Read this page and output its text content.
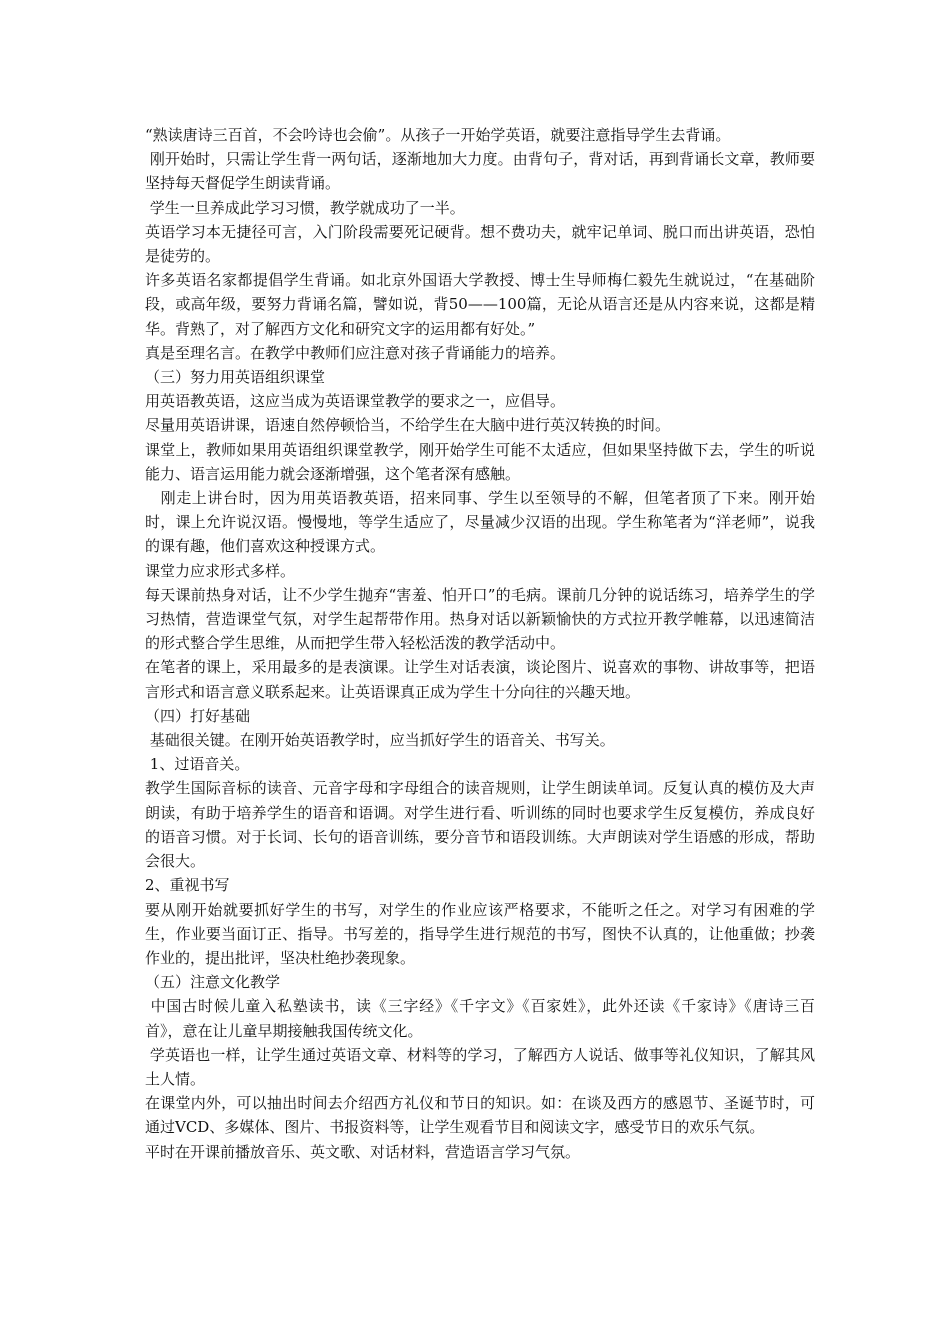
“熟读唐诗三百首，不会吟诗也会偷”。从孩子一开始学英语，就要注意指导学生去背诵。

刚开始时，只需让学生背一两句话，逐渐地加大力度。由背句子，背对话，再到背诵长文章，教师要坚持每天督促学生朗读背诵。

学生一旦养成此学习习惯，教学就成功了一半。

英语学习本无捷径可言，入门阶段需要死记硬背。想不费功夫，就牢记单词、脱口而出讲英语，恐怕是徒劳的。

许多英语名家都提倡学生背诵。如北京外国语大学教授、博士生导师梅仁毅先生就说过，“在基础阶段，或高年级，要努力背诵名篇，譬如说，背50——100篇，无论从语言还是从内容来说，这都是精华。背熟了，对了解西方文化和研究文字的运用都有好处。”

真是至理名言。在教学中教师们应注意对孩子背诵能力的培养。

（三）努力用英语组织课堂

用英语教英语，这应当成为英语课堂教学的要求之一，应倡导。

尽量用英语讲课，语速自然停顿恰当，不给学生在大脑中进行英汉转换的时间。

课堂上，教师如果用英语组织课堂教学，刚开始学生可能不太适应，但如果坚持做下去，学生的听说能力、语言运用能力就会逐渐增强，这个笔者深有感触。

　刚走上讲台时，因为用英语教英语，招来同事、学生以至领导的不解，但笔者顶了下来。刚开始时，课上允许说汉语。慢慢地，等学生适应了，尽量减少汉语的出现。学生称笔者为“洋老师”，说我的课有趣，他们喜欢这种授课方式。

课堂力应求形式多样。

每天课前热身对话，让不少学生抛弃“害羞、怕开口”的毛病。课前几分钟的说话练习，培养学生的学习热情，营造课堂气氛，对学生起帮带作用。热身对话以新颖愉快的方式拉开教学帷幕，以迅速简洁的形式整合学生思维，从而把学生带入轻松活泼的教学活动中。

在笔者的课上，采用最多的是表演课。让学生对话表演，谈论图片、说喜欢的事物、讲故事等，把语言形式和语言意义联系起来。让英语课真正成为学生十分向往的兴趣天地。

（四）打好基础

基础很关键。在刚开始英语教学时，应当抓好学生的语音关、书写关。

1、过语音关。

教学生国际音标的读音、元音字母和字母组合的读音规则，让学生朗读单词。反复认真的模仿及大声朗读，有助于培养学生的语音和语调。对学生进行看、听训练的同时也要求学生反复模仿，养成良好的语音习惯。对于长词、长句的语音训练，要分音节和语段训练。大声朗读对学生语感的形成，帮助会很大。

2、重视书写

要从刚开始就要抓好学生的书写，对学生的作业应该严格要求，不能听之任之。对学习有困难的学生，作业要当面订正、指导。书写差的，指导学生进行规范的书写，图快不认真的，让他重做；抄袭作业的，提出批评，坚决杜绝抄袭现象。

（五）注意文化教学

中国古时候儿童入私塾读书，读《三字经》《千字文》《百家姓》，此外还读《千家诗》《唐诗三百首》，意在让儿童早期接触我国传统文化。

学英语也一样，让学生通过英语文章、材料等的学习，了解西方人说话、做事等礼仪知识，了解其风土人情。

在课堂内外，可以抽出时间去介绍西方礼仪和节日的知识。如：在谈及西方的感恩节、圣诞节时，可通过VCD、多媒体、图片、书报资料等，让学生观看节目和阅读文字，感受节日的欢乐气氛。

平时在开课前播放音乐、英文歌、对话材料，营造语言学习气氛。
